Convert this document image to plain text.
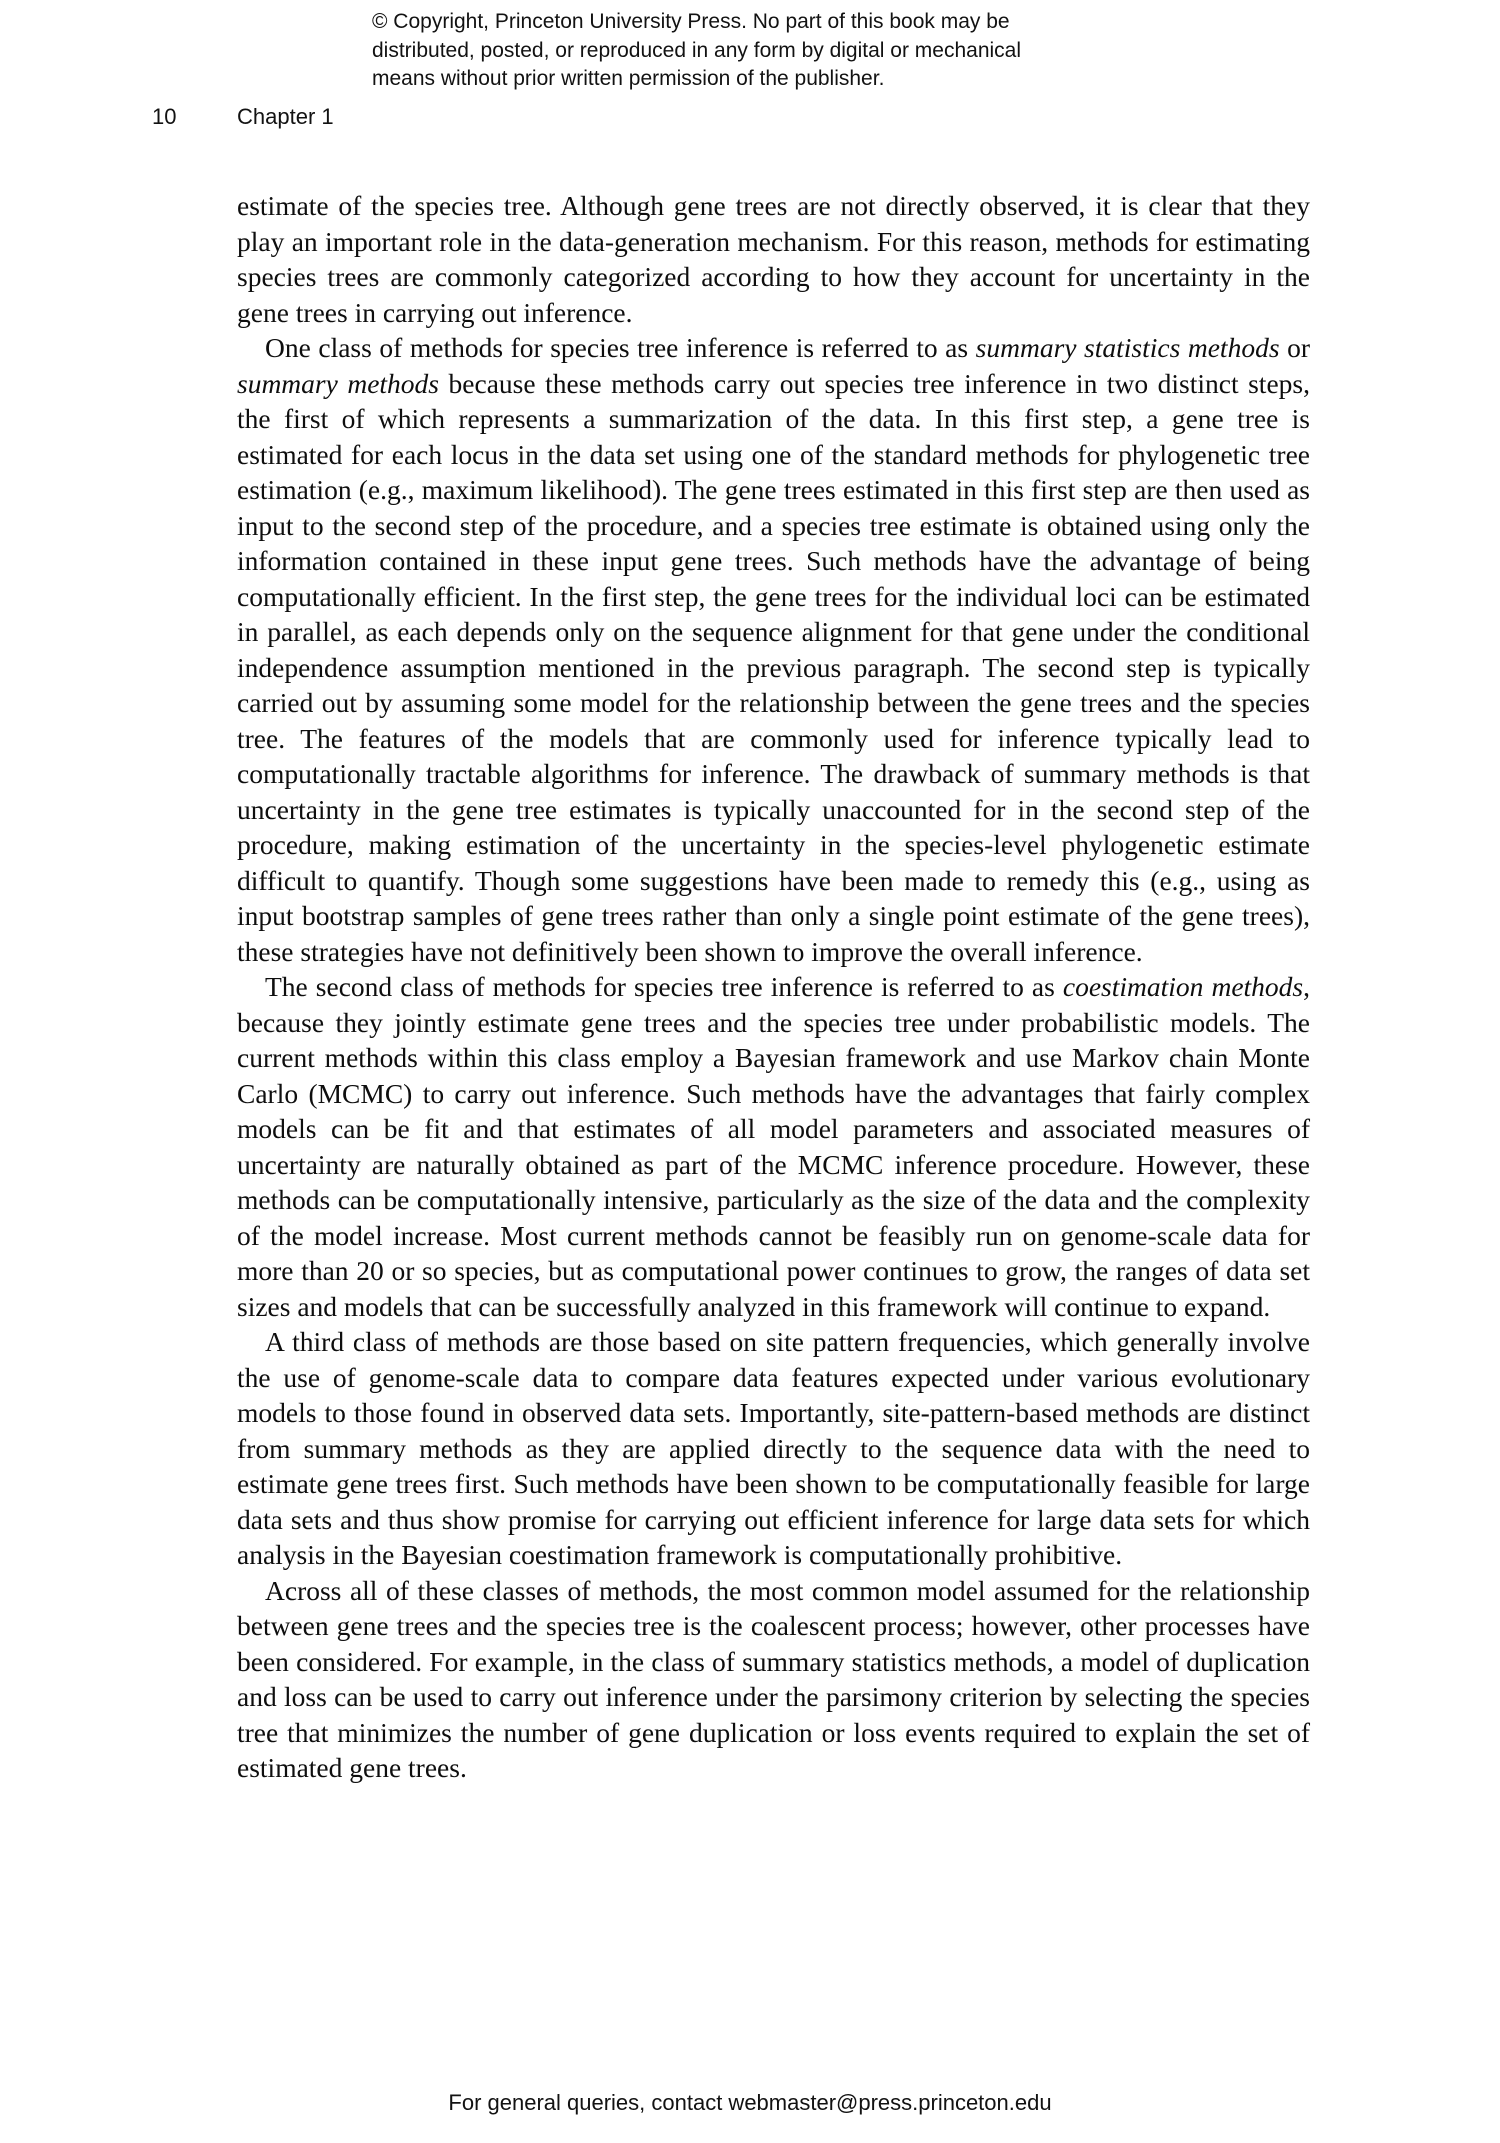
© Copyright, Princeton University Press. No part of this book may be
distributed, posted, or reproduced in any form by digital or mechanical
means without prior written permission of the publisher.
10	Chapter 1

estimate of the species tree. Although gene trees are not directly observed, it is clear that they play an important role in the data-generation mechanism. For this reason, methods for estimating species trees are commonly categorized according to how they account for uncertainty in the gene trees in carrying out inference.

One class of methods for species tree inference is referred to as summary statistics methods or summary methods because these methods carry out species tree inference in two distinct steps, the first of which represents a summarization of the data. In this first step, a gene tree is estimated for each locus in the data set using one of the standard methods for phylogenetic tree estimation (e.g., maximum likelihood). The gene trees estimated in this first step are then used as input to the second step of the procedure, and a species tree estimate is obtained using only the information contained in these input gene trees. Such methods have the advantage of being computationally efficient. In the first step, the gene trees for the individual loci can be estimated in parallel, as each depends only on the sequence alignment for that gene under the conditional independence assumption mentioned in the previous paragraph. The second step is typically carried out by assuming some model for the relationship between the gene trees and the species tree. The features of the models that are commonly used for inference typically lead to computationally tractable algorithms for inference. The drawback of summary methods is that uncertainty in the gene tree estimates is typically unaccounted for in the second step of the procedure, making estimation of the uncertainty in the species-level phylogenetic estimate difficult to quantify. Though some suggestions have been made to remedy this (e.g., using as input bootstrap samples of gene trees rather than only a single point estimate of the gene trees), these strategies have not definitively been shown to improve the overall inference.

The second class of methods for species tree inference is referred to as coestimation methods, because they jointly estimate gene trees and the species tree under probabilistic models. The current methods within this class employ a Bayesian framework and use Markov chain Monte Carlo (MCMC) to carry out inference. Such methods have the advantages that fairly complex models can be fit and that estimates of all model parameters and associated measures of uncertainty are naturally obtained as part of the MCMC inference procedure. However, these methods can be computationally intensive, particularly as the size of the data and the complexity of the model increase. Most current methods cannot be feasibly run on genome-scale data for more than 20 or so species, but as computational power continues to grow, the ranges of data set sizes and models that can be successfully analyzed in this framework will continue to expand.

A third class of methods are those based on site pattern frequencies, which generally involve the use of genome-scale data to compare data features expected under various evolutionary models to those found in observed data sets. Importantly, site-pattern-based methods are distinct from summary methods as they are applied directly to the sequence data with the need to estimate gene trees first. Such methods have been shown to be computationally feasible for large data sets and thus show promise for carrying out efficient inference for large data sets for which analysis in the Bayesian coestimation framework is computationally prohibitive.

Across all of these classes of methods, the most common model assumed for the relationship between gene trees and the species tree is the coalescent process; however, other processes have been considered. For example, in the class of summary statistics methods, a model of duplication and loss can be used to carry out inference under the parsimony criterion by selecting the species tree that minimizes the number of gene duplication or loss events required to explain the set of estimated gene trees.

For general queries, contact webmaster@press.princeton.edu
